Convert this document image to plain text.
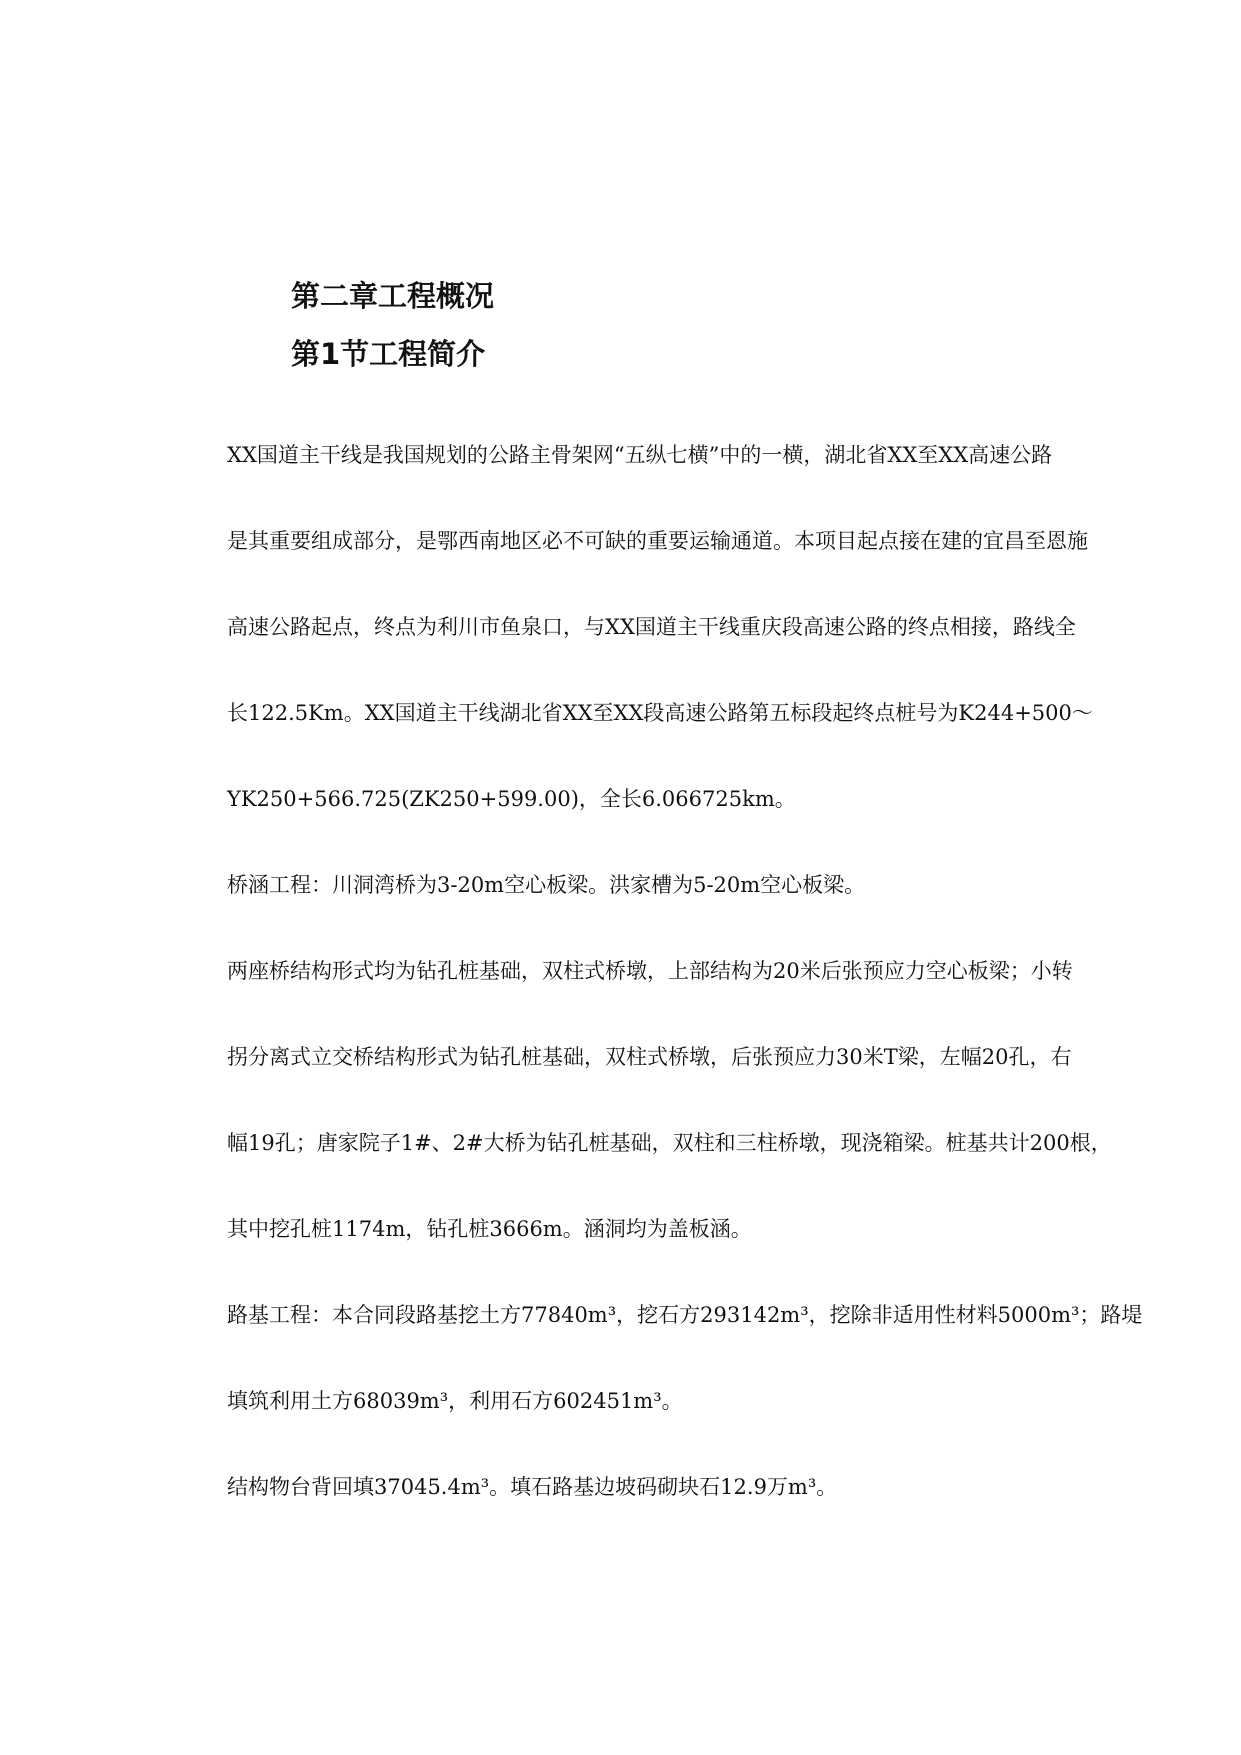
第二章工程概况
第1节工程简介

XX国道主干线是我国规划的公路主骨架网“五纵七横”中的一横，湖北省XX至XX高速公路

是其重要组成部分，是鄂西南地区必不可缺的重要运输通道。本项目起点接在建的宜昌至恩施

高速公路起点，终点为利川市鱼泉口，与XX国道主干线重庆段高速公路的终点相接，路线全

长122.5Km。XX国道主干线湖北省XX至XX段高速公路第五标段起终点桩号为K244+500～

YK250+566.725(ZK250+599.00)，全长6.066725km。

桥涵工程：川洞湾桥为3-20m空心板梁。洪家槽为5-20m空心板梁。

两座桥结构形式均为钻孔桩基础，双柱式桥墩，上部结构为20米后张预应力空心板梁；小转

拐分离式立交桥结构形式为钻孔桩基础，双柱式桥墩，后张预应力30米T梁，左幅20孔，右

幅19孔；唐家院子1#、2#大桥为钻孔桩基础，双柱和三柱桥墩，现浇箱梁。桩基共计200根，

其中挖孔桩1174m，钻孔桩3666m。涵洞均为盖板涵。

路基工程：本合同段路基挖土方77840m³，挖石方293142m³，挖除非适用性材料5000m³；路堤

填筑利用土方68039m³，利用石方602451m³。

结构物台背回填37045.4m³。填石路基边坡码砌块石12.9万m³。
